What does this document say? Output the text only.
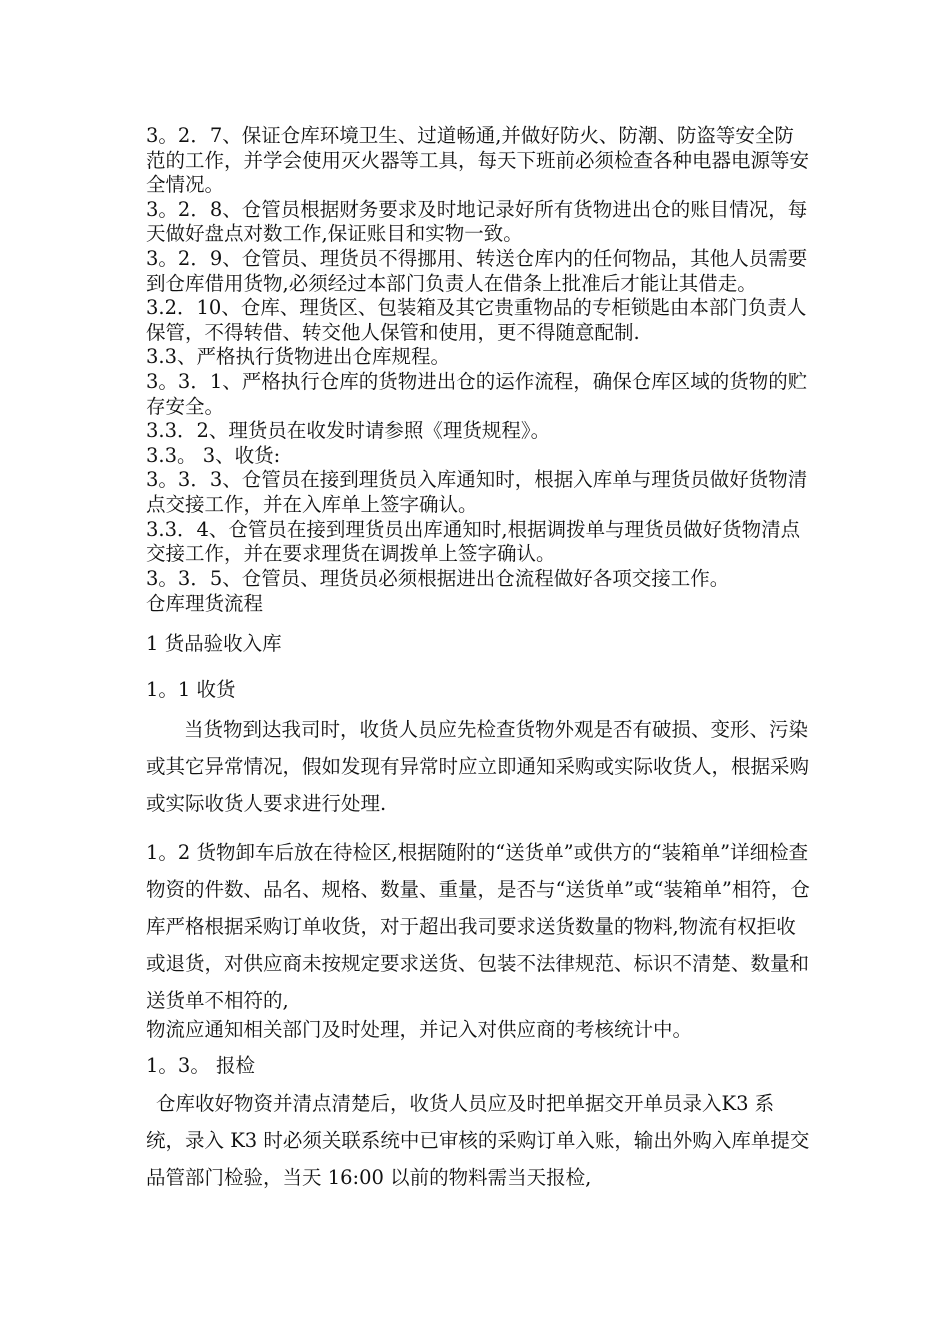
3。2．7、保证仓库环境卫生、过道畅通,并做好防火、防潮、防盗等安全防范的工作，并学会使用灭火器等工具，每天下班前必须检查各种电器电源等安全情况。

3。2．8、仓管员根据财务要求及时地记录好所有货物进出仓的账目情况，每天做好盘点对数工作,保证账目和实物一致。

3。2．9、仓管员、理货员不得挪用、转送仓库内的任何物品，其他人员需要到仓库借用货物,必须经过本部门负责人在借条上批准后才能让其借走。

3.2．10、仓库、理货区、包装箱及其它贵重物品的专柜锁匙由本部门负责人保管，不得转借、转交他人保管和使用，更不得随意配制.

3.3、严格执行货物进出仓库规程。

3。3．1、严格执行仓库的货物进出仓的运作流程，确保仓库区域的货物的贮存安全。

3.3．2、理货员在收发时请参照《理货规程》。

3.3。 3、收货:

3。3．3、仓管员在接到理货员入库通知时，根据入库单与理货员做好货物清点交接工作，并在入库单上签字确认。

3.3．4、仓管员在接到理货员出库通知时,根据调拨单与理货员做好货物清点交接工作，并在要求理货在调拨单上签字确认。

3。3．5、仓管员、理货员必须根据进出仓流程做好各项交接工作。

仓库理货流程

1 货品验收入库

1。1 收货

当货物到达我司时，收货人员应先检查货物外观是否有破损、变形、污染或其它异常情况，假如发现有异常时应立即通知采购或实际收货人，根据采购或实际收货人要求进行处理.

1。2 货物卸车后放在待检区,根据随附的“送货单”或供方的“装箱单”详细检查物资的件数、品名、规格、数量、重量，是否与“送货单”或“装箱单”相符，仓库严格根据采购订单收货，对于超出我司要求送货数量的物料,物流有权拒收或退货，对供应商未按规定要求送货、包装不法律规范、标识不清楚、数量和送货单不相符的,

物流应通知相关部门及时处理，并记入对供应商的考核统计中。

1。3。 报检

仓库收好物资并清点清楚后，收货人员应及时把单据交开单员录入K3 系统，录入 K3 时必须关联系统中已审核的采购订单入账，输出外购入库单提交品管部门检验，当天 16:00 以前的物料需当天报检,
